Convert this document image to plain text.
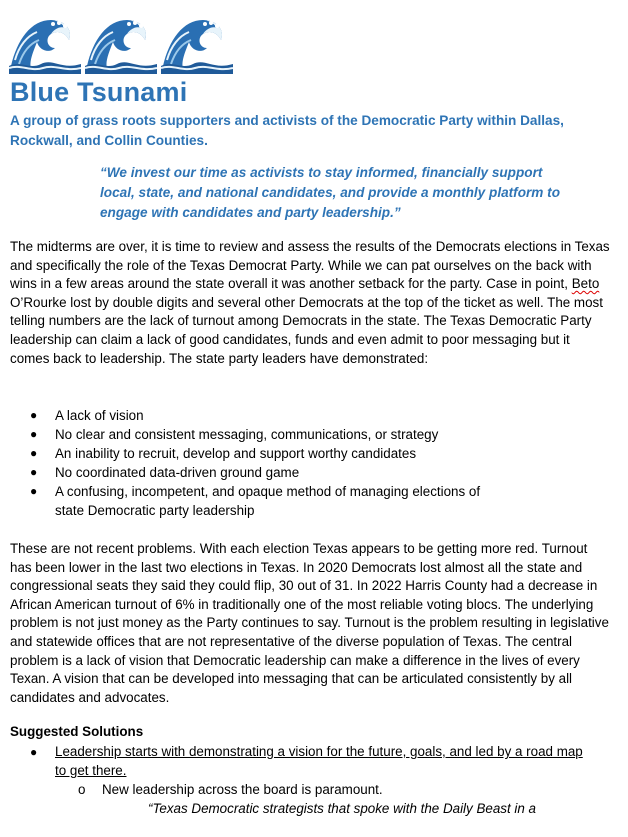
Blue Tsunami

A group of grass roots supporters and activists of the Democratic Party within Dallas, Rockwall, and Collin Counties.

“We invest our time as activists to stay informed, financially support local, state, and national candidates, and provide a monthly platform to engage with candidates and party leadership.”

The midterms are over, it is time to review and assess the results of the Democrats elections in Texas and specifically the role of the Texas Democrat Party. While we can pat ourselves on the back with wins in a few areas around the state overall it was another setback for the party. Case in point, Beto O’Rourke lost by double digits and several other Democrats at the top of the ticket as well. The most telling numbers are the lack of turnout among Democrats in the state. The Texas Democratic Party leadership can claim a lack of good candidates, funds and even admit to poor messaging but it comes back to leadership. The state party leaders have demonstrated:

● A lack of vision
● No clear and consistent messaging, communications, or strategy
● An inability to recruit, develop and support worthy candidates
● No coordinated data-driven ground game
● A confusing, incompetent, and opaque method of managing elections of state Democratic party leadership

These are not recent problems. With each election Texas appears to be getting more red. Turnout has been lower in the last two elections in Texas. In 2020 Democrats lost almost all the state and congressional seats they said they could flip, 30 out of 31. In 2022 Harris County had a decrease in African American turnout of 6% in traditionally one of the most reliable voting blocs. The underlying problem is not just money as the Party continues to say. Turnout is the problem resulting in legislative and statewide offices that are not representative of the diverse population of Texas. The central problem is a lack of vision that Democratic leadership can make a difference in the lives of every Texan. A vision that can be developed into messaging that can be articulated consistently by all candidates and advocates.

Suggested Solutions

● Leadership starts with demonstrating a vision for the future, goals, and led by a road map to get there.
o New leadership across the board is paramount.
“Texas Democratic strategists that spoke with the Daily Beast in a
